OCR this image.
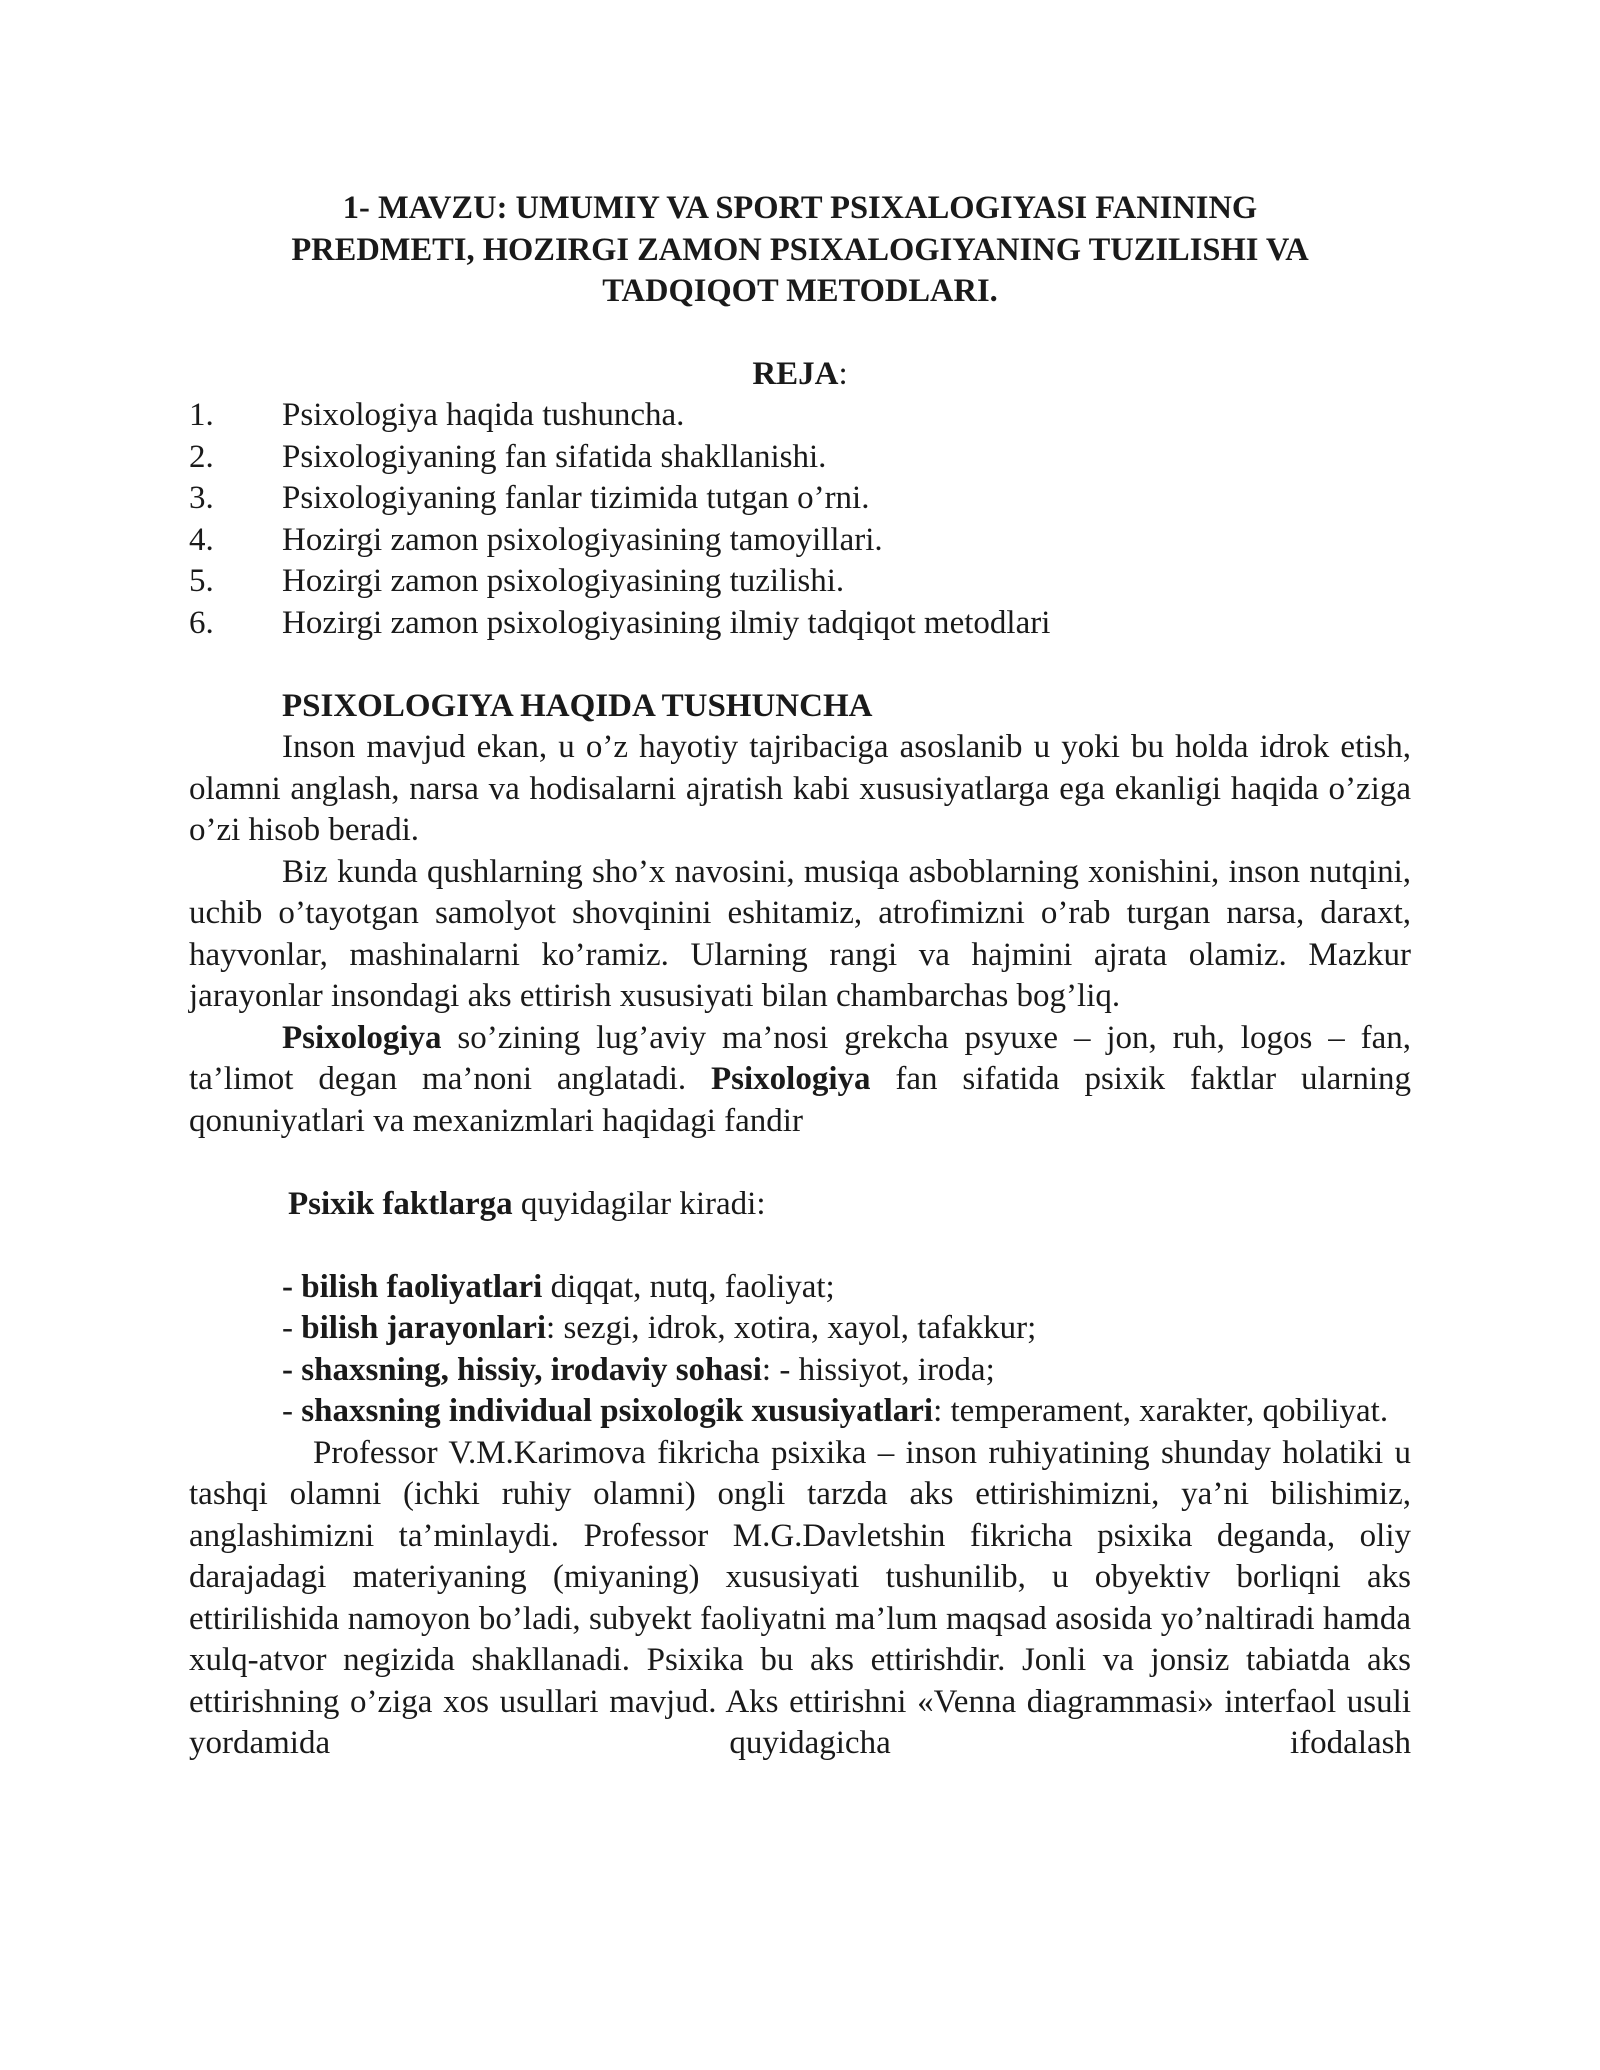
1- MAVZU: UMUMIY VA SPORT PSIXALOGIYASI FANINING
PREDMETI, HOZIRGI ZAMON PSIXALOGIYANING TUZILISHI VA
TADQIQOT METODLARI.
REJA:
1.	Psixologiya haqida tushuncha.
2.	Psixologiyaning fan sifatida shakllanishi.
3.	Psixologiyaning fanlar tizimida tutgan o’rni.
4.	Hozirgi zamon psixologiyasining tamoyillari.
5.	Hozirgi zamon psixologiyasining tuzilishi.
6.	Hozirgi zamon psixologiyasining ilmiy tadqiqot metodlari
PSIXOLOGIYA HAQIDA TUSHUNCHA

Inson mavjud ekan, u o’z hayotiy tajribaciga asoslanib u yoki bu holda idrok etish, olamni anglash, narsa va hodisalarni ajratish kabi xususiyatlarga ega ekanligi haqida o’ziga o’zi hisob beradi.

Biz kunda qushlarning sho’x navosini, musiqa asboblarning xonishini, inson nutqini, uchib o’tayotgan samolyot shovqinini eshitamiz, atrofimizni o’rab turgan narsa, daraxt, hayvonlar, mashinalarni ko’ramiz. Ularning rangi va hajmini ajrata olamiz. Mazkur jarayonlar insondagi aks ettirish xususiyati bilan chambarchas bog’liq.

Psixologiya so’zining lug’aviy ma’nosi grekcha psyuxe – jon, ruh, logos – fan, ta’limot degan ma’noni anglatadi. Psixologiya fan sifatida psixik faktlar ularning qonuniyatlari va mexanizmlari haqidagi fandir

Psixik faktlarga quyidagilar kiradi:

- bilish faoliyatlari diqqat, nutq, faoliyat;

- bilish jarayonlari: sezgi, idrok, xotira, xayol, tafakkur;

- shaxsning, hissiy, irodaviy sohasi: - hissiyot, iroda;

- shaxsning individual psixologik xususiyatlari: temperament, xarakter, qobiliyat.

Professor V.M.Karimova fikricha psixika – inson ruhiyatining shunday holatiki u tashqi olamni (ichki ruhiy olamni) ongli tarzda aks ettirishimizni, ya’ni bilishimiz, anglashimizni ta’minlaydi. Professor M.G.Davletshin fikricha psixika deganda, oliy darajadagi materiyaning (miyaning) xususiyati tushunilib, u obyektiv borliqni aks ettirilishida namoyon bo’ladi, subyekt faoliyatni ma’lum maqsad asosida yo’naltiradi hamda xulq-atvor negizida shakllanadi. Psixika bu aks ettirishdir. Jonli va jonsiz tabiatda aks ettirishning o’ziga xos usullari mavjud. Aks ettirishni «Venna diagrammasi» interfaol usuli yordamida quyidagicha ifodalash
